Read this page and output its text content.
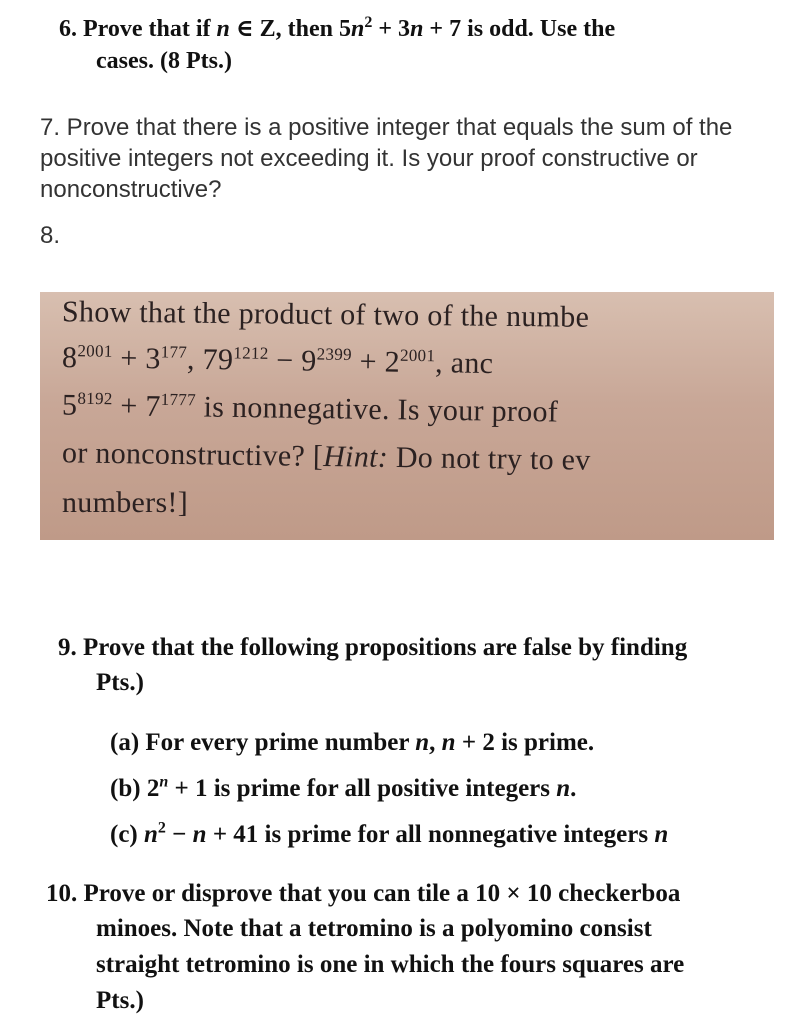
6. Prove that if n ∈ Z, then $5n^2 + 3n + 7$ is odd. Use the
cases. (8 Pts.)
7. Prove that there is a positive integer that equals the sum of the positive integers not exceeding it. Is your proof constructive or nonconstructive?
8.
Show that the product of two of the numbe
$8^{2001} + 3^{177}$, $79^{1212} - 9^{2399} + 2^{2001}$, anc
$5^{8192} + 7^{1777}$ is nonnegative. Is your proof
or nonconstructive? [Hint: Do not try to ev
numbers!]
9. Prove that the following propositions are false by finding
Pts.)
(a) For every prime number n, n + 2 is prime.
(b) $2^n + 1$ is prime for all positive integers n.
(c) $n^2 - n + 41$ is prime for all nonnegative integers n
10. Prove or disprove that you can tile a 10 × 10 checkerboa
minoes. Note that a tetromino is a polyomino consist
straight tetromino is one in which the fours squares are
Pts.)
